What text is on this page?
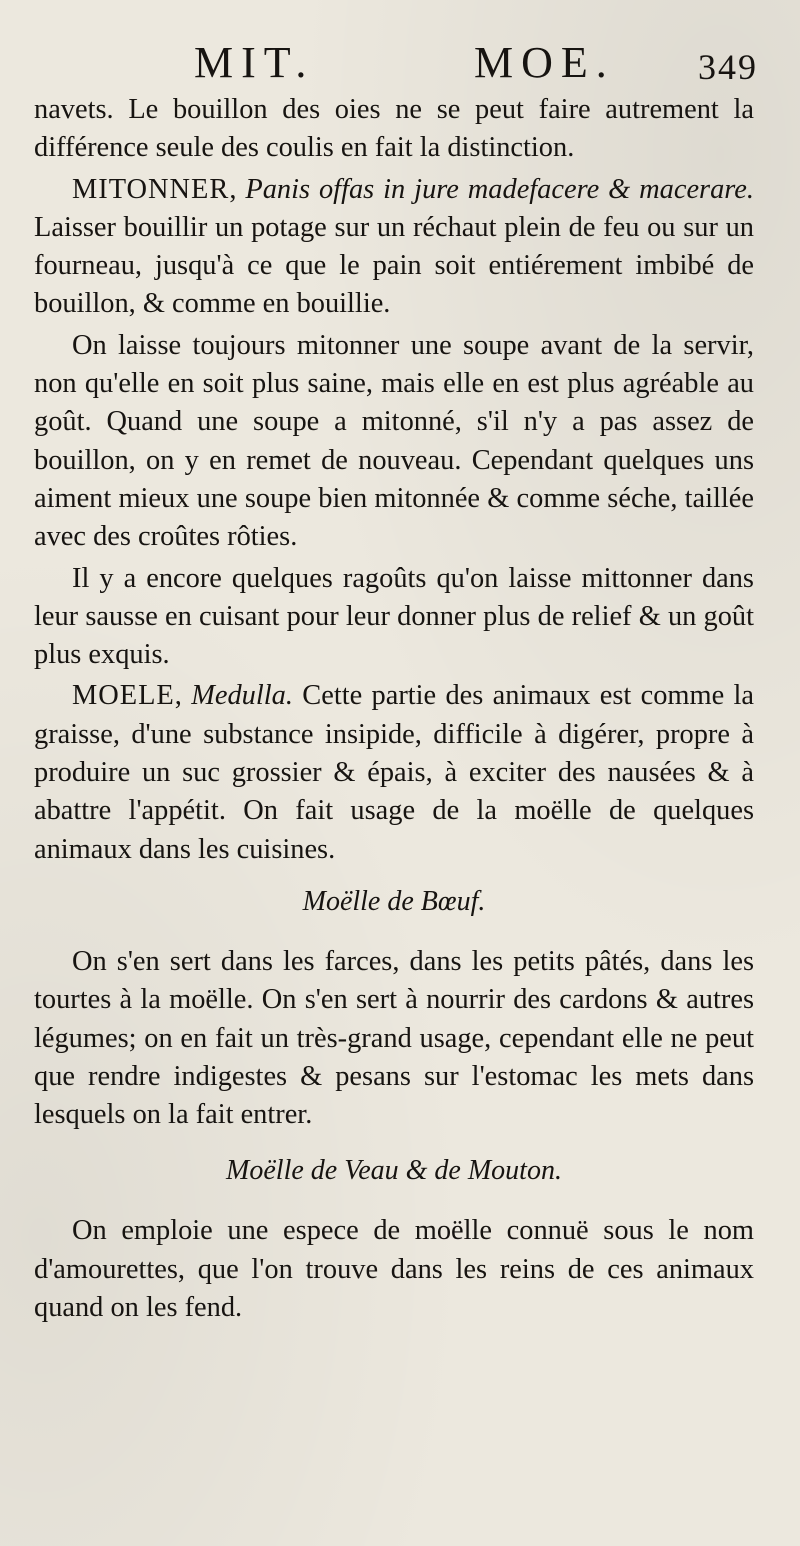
MIT.	MOE. 349

navets. Le bouillon des oies ne se peut faire autrement la différence seule des coulis en fait la distinction.

MITONNER, Panis offas in jure madefacere & macerare. Laisser bouillir un potage sur un réchaut plein de feu ou sur un fourneau, jusqu'à ce que le pain soit entiérement imbibé de bouillon, & comme en bouillie.

On laisse toujours mitonner une soupe avant de la servir, non qu'elle en soit plus saine, mais elle en est plus agréable au goût. Quand une soupe a mitonné, s'il n'y a pas assez de bouillon, on y en remet de nouveau. Cependant quelques uns aiment mieux une soupe bien mitonnée & comme séche, taillée avec des croûtes rôties.

Il y a encore quelques ragoûts qu'on laisse mittonner dans leur sausse en cuisant pour leur donner plus de relief & un goût plus exquis.

MOELE, Medulla. Cette partie des animaux est comme la graisse, d'une substance insipide, difficile à digérer, propre à produire un suc grossier & épais, à exciter des nausées & à abattre l'appétit. On fait usage de la moëlle de quelques animaux dans les cuisines.

Moëlle de Bœuf.

On s'en sert dans les farces, dans les petits pâtés, dans les tourtes à la moëlle. On s'en sert à nourrir des cardons & autres légumes; on en fait un très-grand usage, cependant elle ne peut que rendre indigestes & pesans sur l'estomac les mets dans lesquels on la fait entrer.

Moëlle de Veau & de Mouton.

On emploie une espece de moëlle connuë sous le nom d'amourettes, que l'on trouve dans les reins de ces animaux quand on les fend.
